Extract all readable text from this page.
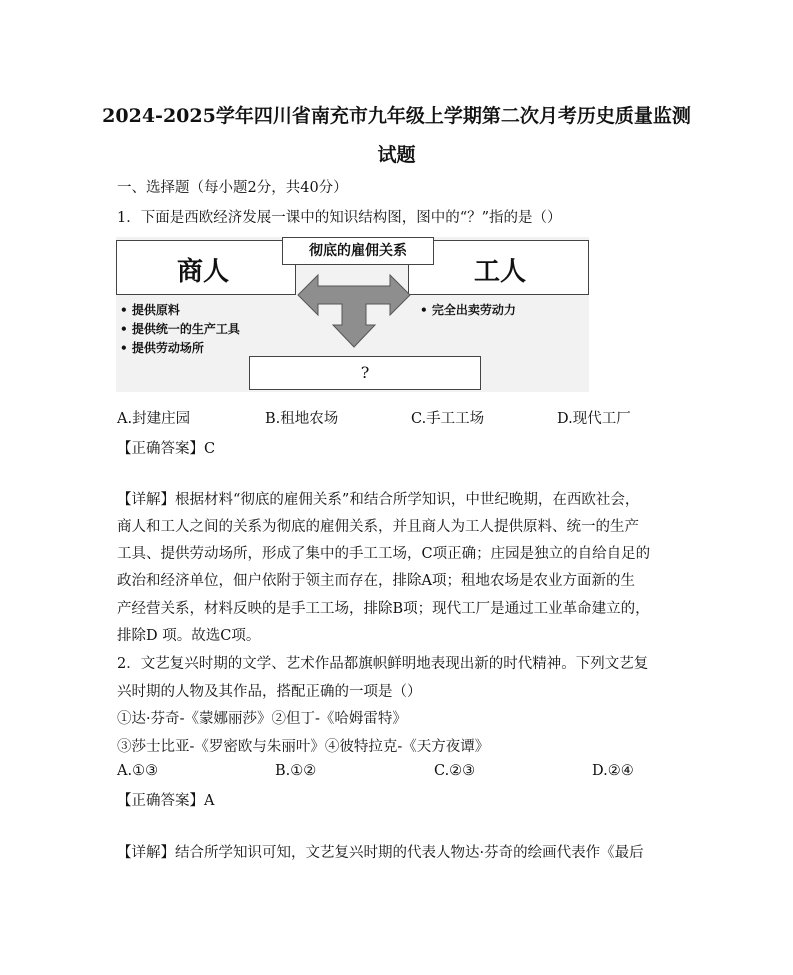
2024-2025学年四川省南充市九年级上学期第二次月考历史质量监测
试题
一、选择题（每小题2分，共40分）
1．下面是西欧经济发展一课中的知识结构图，图中的“？”指的是（）
商人	工人
彻底的雇佣关系
• 提供原料
• 提供统一的生产工具
• 提供劳动场所
• 完全出卖劳动力
?
A.封建庄园	B.租地农场	C.手工工场	D.现代工厂
【正确答案】C
【详解】根据材料“彻底的雇佣关系”和结合所学知识，中世纪晚期，在西欧社会，
商人和工人之间的关系为彻底的雇佣关系，并且商人为工人提供原料、统一的生产
工具、提供劳动场所，形成了集中的手工工场，C项正确；庄园是独立的自给自足的
政治和经济单位，佃户依附于领主而存在，排除A项；租地农场是农业方面新的生
产经营关系，材料反映的是手工工场，排除B项；现代工厂是通过工业革命建立的，
排除D 项。故选C项。
2．文艺复兴时期的文学、艺术作品都旗帜鲜明地表现出新的时代精神。下列文艺复
兴时期的人物及其作品，搭配正确的一项是（）
①达·芬奇-《蒙娜丽莎》②但丁-《哈姆雷特》
③莎士比亚-《罗密欧与朱丽叶》④彼特拉克-《天方夜谭》
A.①③	B.①②	C.②③	D.②④
【正确答案】A
【详解】结合所学知识可知，文艺复兴时期的代表人物达·芬奇的绘画代表作《最后
